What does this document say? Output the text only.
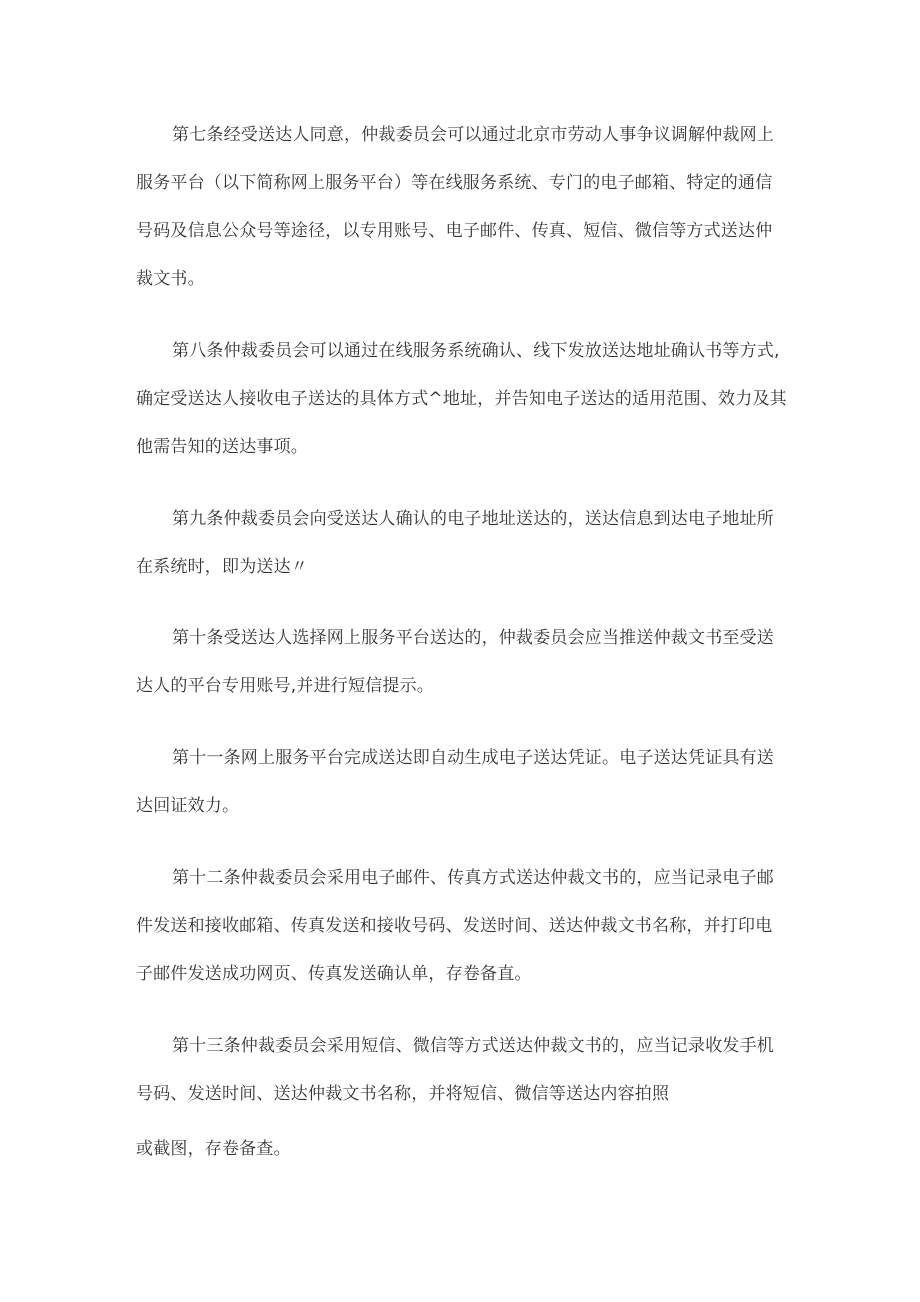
第七条经受送达人同意，仲裁委员会可以通过北京市劳动人事争议调解仲裁网上
服务平台（以下简称网上服务平台）等在线服务系统、专门的电子邮箱、特定的通信
号码及信息公众号等途径，以专用账号、电子邮件、传真、短信、微信等方式送达仲
裁文书。
第八条仲裁委员会可以通过在线服务系统确认、线下发放送达地址确认书等方式,
确定受送达人接收电子送达的具体方式^地址，并告知电子送达的适用范围、效力及其
他需告知的送达事项。
第九条仲裁委员会向受送达人确认的电子地址送达的，送达信息到达电子地址所
在系统时，即为送达〃
第十条受送达人选择网上服务平台送达的，仲裁委员会应当推送仲裁文书至受送
达人的平台专用账号,并进行短信提示。
第十一条网上服务平台完成送达即自动生成电子送达凭证。电子送达凭证具有送
达回证效力。
第十二条仲裁委员会采用电子邮件、传真方式送达仲裁文书的，应当记录电子邮
件发送和接收邮箱、传真发送和接收号码、发送时间、送达仲裁文书名称，并打印电
子邮件发送成功网页、传真发送确认单，存卷备直。
第十三条仲裁委员会采用短信、微信等方式送达仲裁文书的，应当记录收发手机
号码、发送时间、送达仲裁文书名称，并将短信、微信等送达内容拍照
或截图，存卷备查。
